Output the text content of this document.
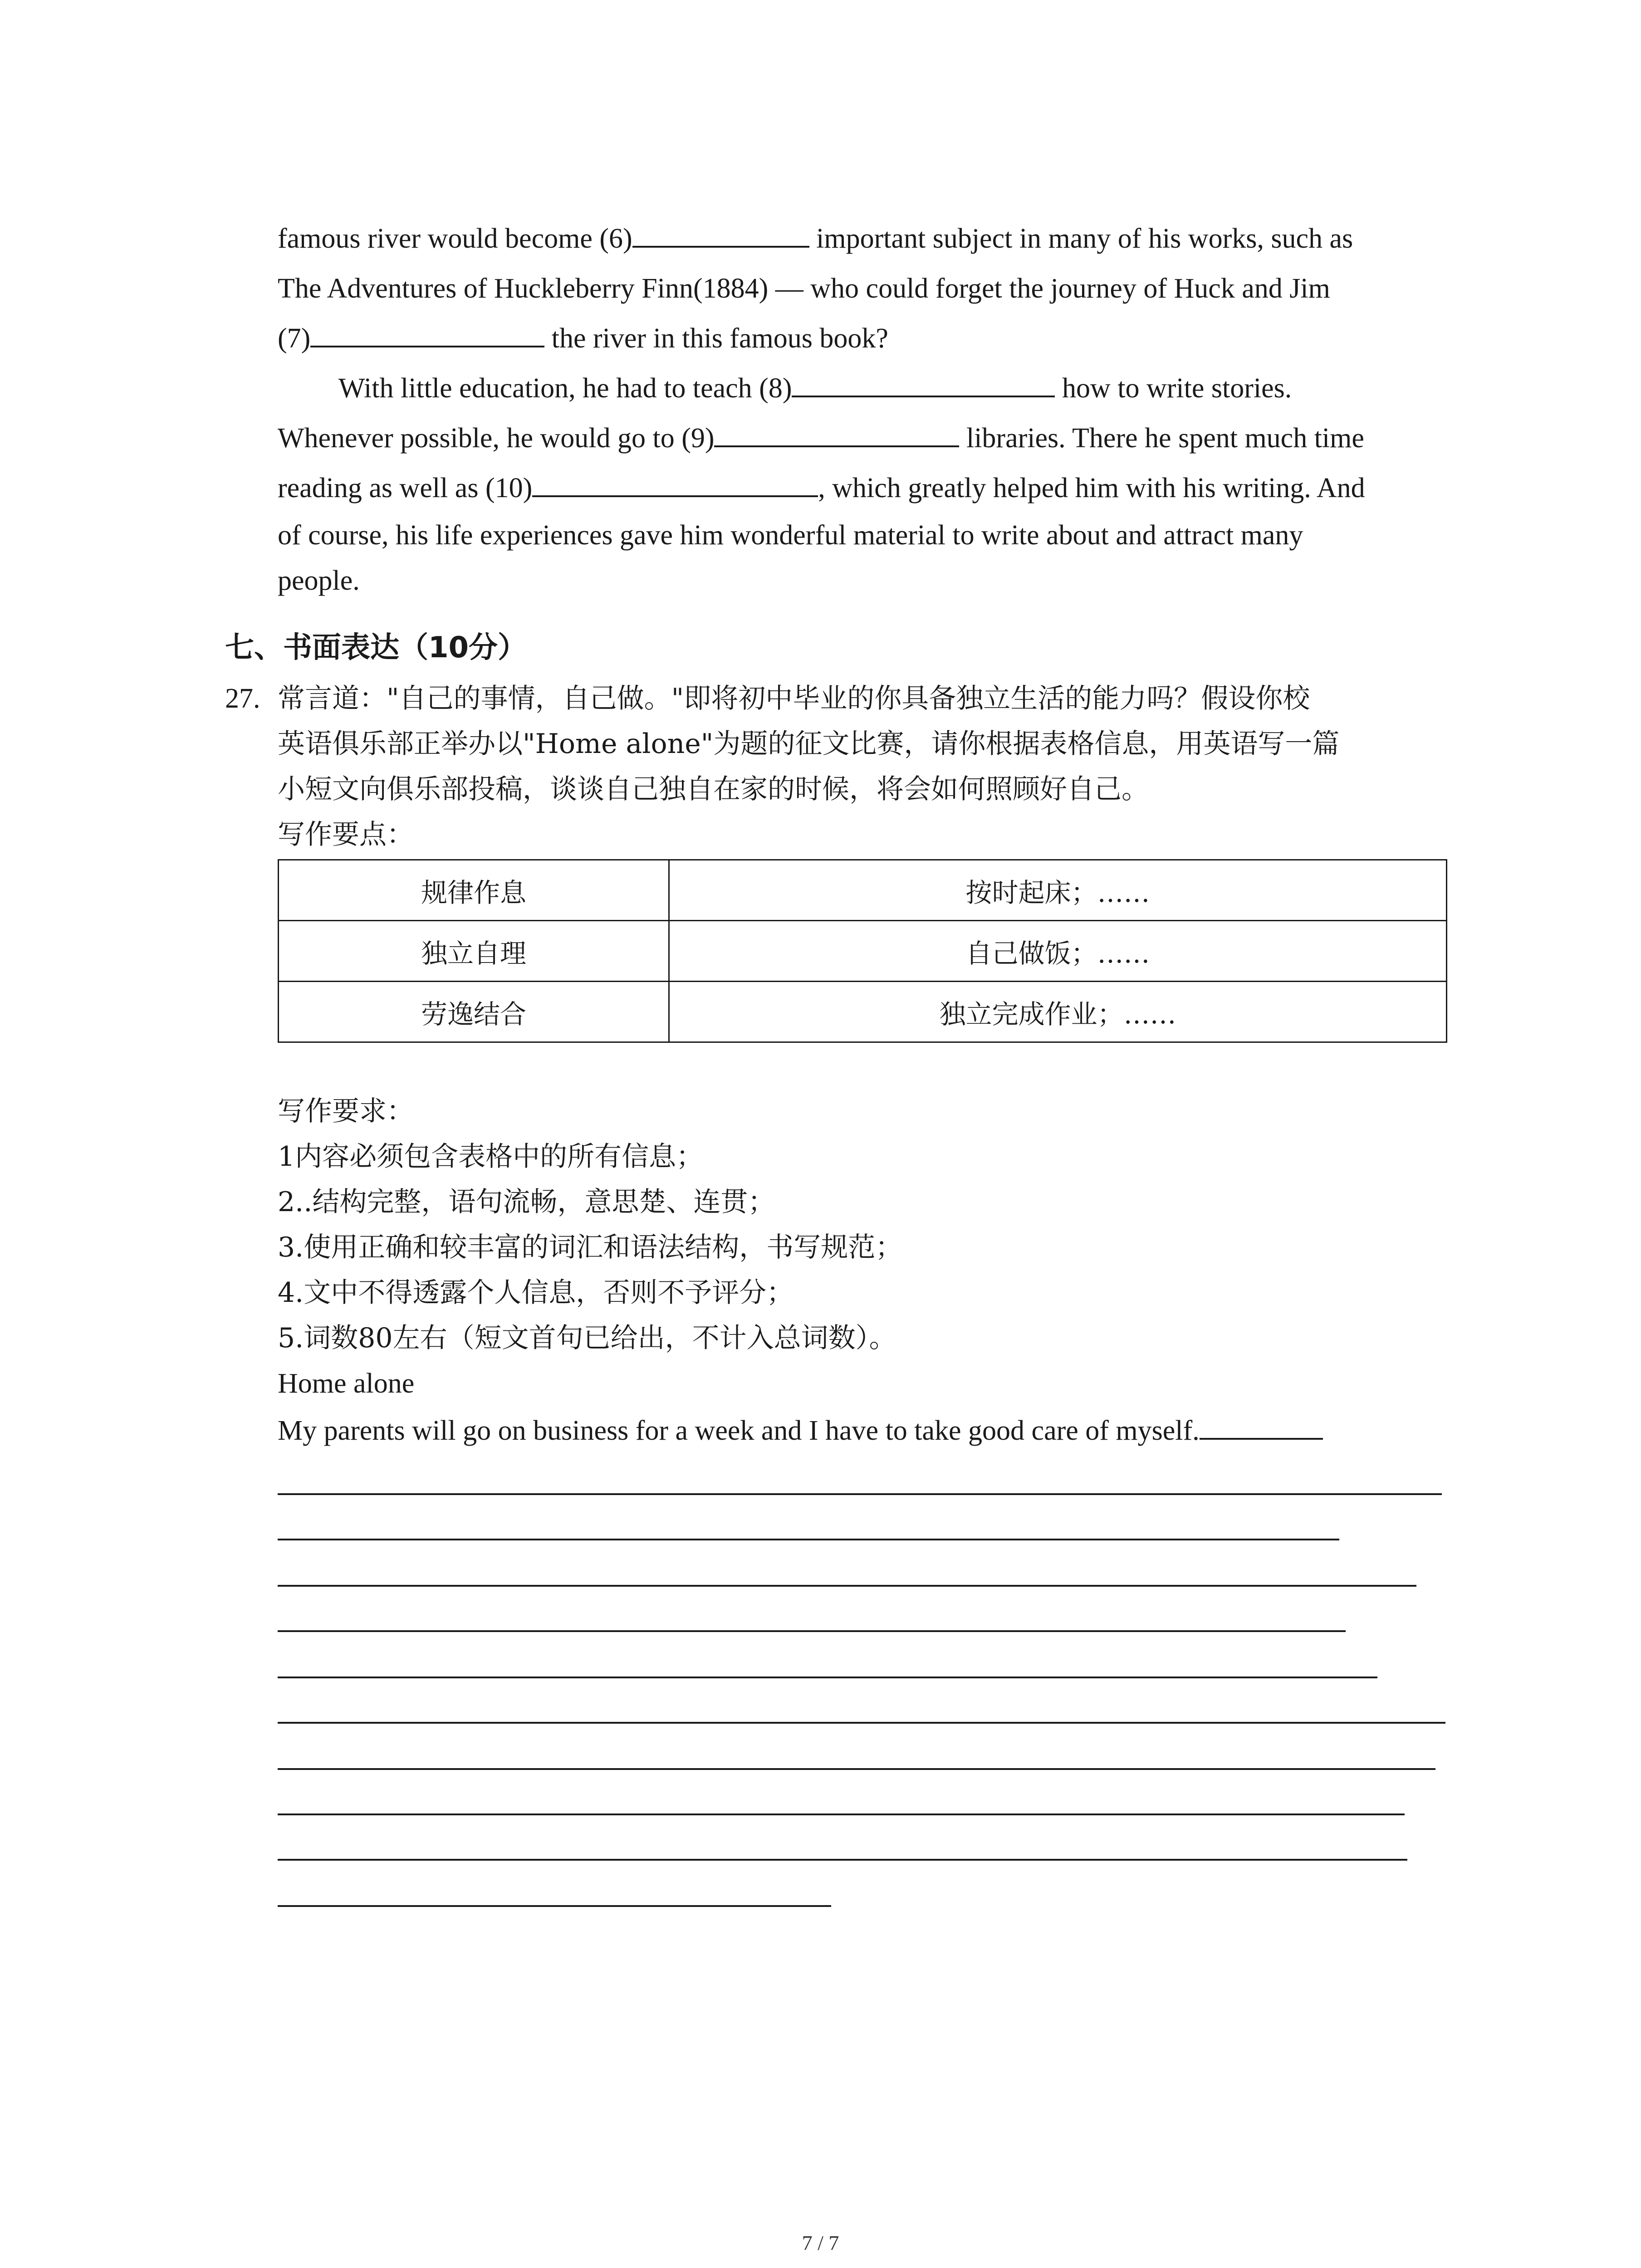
famous river would become (6)	important subject in many of his works, such as
The Adventures of Huckleberry Finn(1884) — who could forget the journey of Huck and Jim
(7)	the river in this famous book?
With little education, he had to teach (8)	how to write stories.
Whenever possible, he would go to (9)	libraries. There he spent much time
reading as well as (10)	, which greatly helped him with his writing. And
of course, his life experiences gave him wonderful material to write about and attract many
people.
七、书面表达（10分）
27. 常言道："自己的事情，自己做。"即将初中毕业的你具备独立生活的能力吗？假设你校
英语俱乐部正举办以"Home alone"为题的征文比赛，请你根据表格信息，用英语写一篇
小短文向俱乐部投稿，谈谈自己独自在家的时候，将会如何照顾好自己。
写作要点：
规律作息	按时起床；……
独立自理	自己做饭；……
劳逸结合	独立完成作业；……
写作要求：
1内容必须包含表格中的所有信息；
2..结构完整，语句流畅，意思楚、连贯；
3.使用正确和较丰富的词汇和语法结构，书写规范；
4.文中不得透露个人信息，否则不予评分；
5.词数80左右（短文首句已给出，不计入总词数）。
Home alone
My parents will go on business for a week and I have to take good care of myself.
7 / 7
